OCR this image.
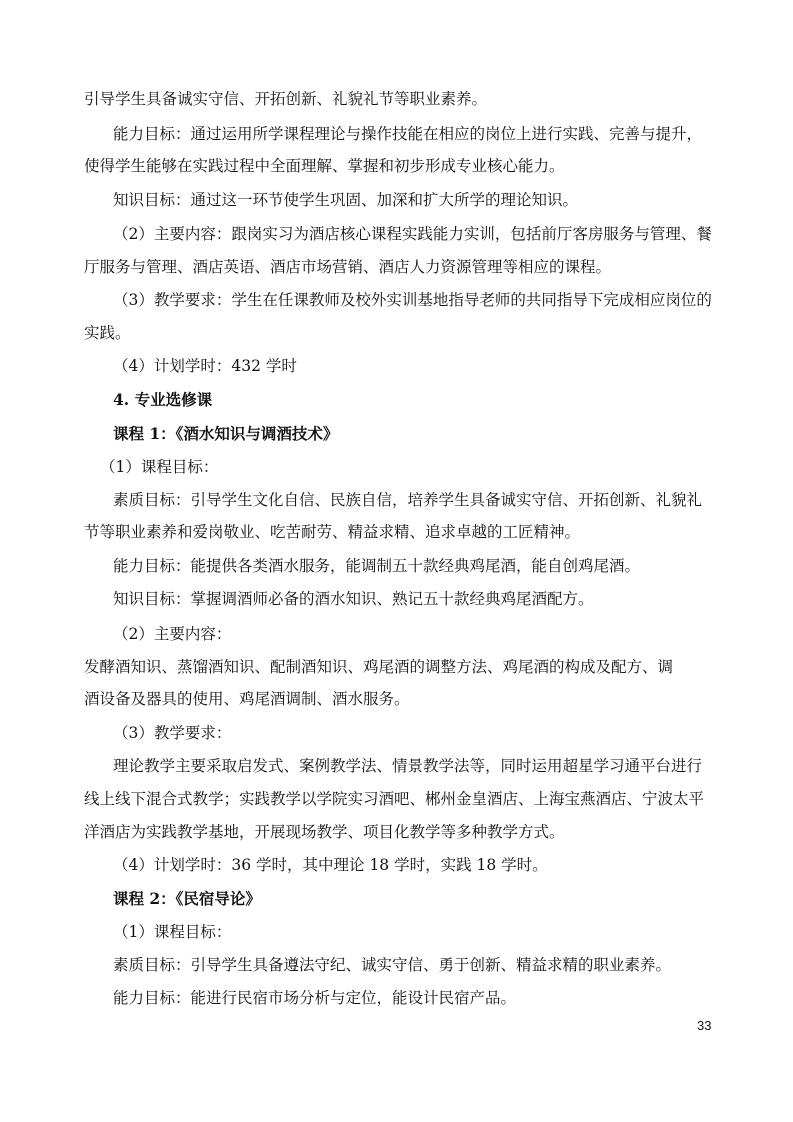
引导学生具备诚实守信、开拓创新、礼貌礼节等职业素养。
能力目标：通过运用所学课程理论与操作技能在相应的岗位上进行实践、完善与提升，
使得学生能够在实践过程中全面理解、掌握和初步形成专业核心能力。
知识目标：通过这一环节使学生巩固、加深和扩大所学的理论知识。
（2）主要内容：跟岗实习为酒店核心课程实践能力实训，包括前厅客房服务与管理、餐
厅服务与管理、酒店英语、酒店市场营销、酒店人力资源管理等相应的课程。
（3）教学要求：学生在任课教师及校外实训基地指导老师的共同指导下完成相应岗位的
实践。
（4）计划学时：432 学时
4. 专业选修课
课程 1：《酒水知识与调酒技术》
（1）课程目标：
素质目标：引导学生文化自信、民族自信，培养学生具备诚实守信、开拓创新、礼貌礼
节等职业素养和爱岗敬业、吃苦耐劳、精益求精、追求卓越的工匠精神。
能力目标：能提供各类酒水服务，能调制五十款经典鸡尾酒，能自创鸡尾酒。
知识目标：掌握调酒师必备的酒水知识、熟记五十款经典鸡尾酒配方。
（2）主要内容：
发酵酒知识、蒸馏酒知识、配制酒知识、鸡尾酒的调整方法、鸡尾酒的构成及配方、调
酒设备及器具的使用、鸡尾酒调制、酒水服务。
（3）教学要求：
理论教学主要采取启发式、案例教学法、情景教学法等，同时运用超星学习通平台进行
线上线下混合式教学；实践教学以学院实习酒吧、郴州金皇酒店、上海宝燕酒店、宁波太平
洋酒店为实践教学基地，开展现场教学、项目化教学等多种教学方式。
（4）计划学时：36 学时，其中理论 18 学时，实践 18 学时。
课程 2：《民宿导论》
（1）课程目标：
素质目标：引导学生具备遵法守纪、诚实守信、勇于创新、精益求精的职业素养。
能力目标：能进行民宿市场分析与定位，能设计民宿产品。
33
